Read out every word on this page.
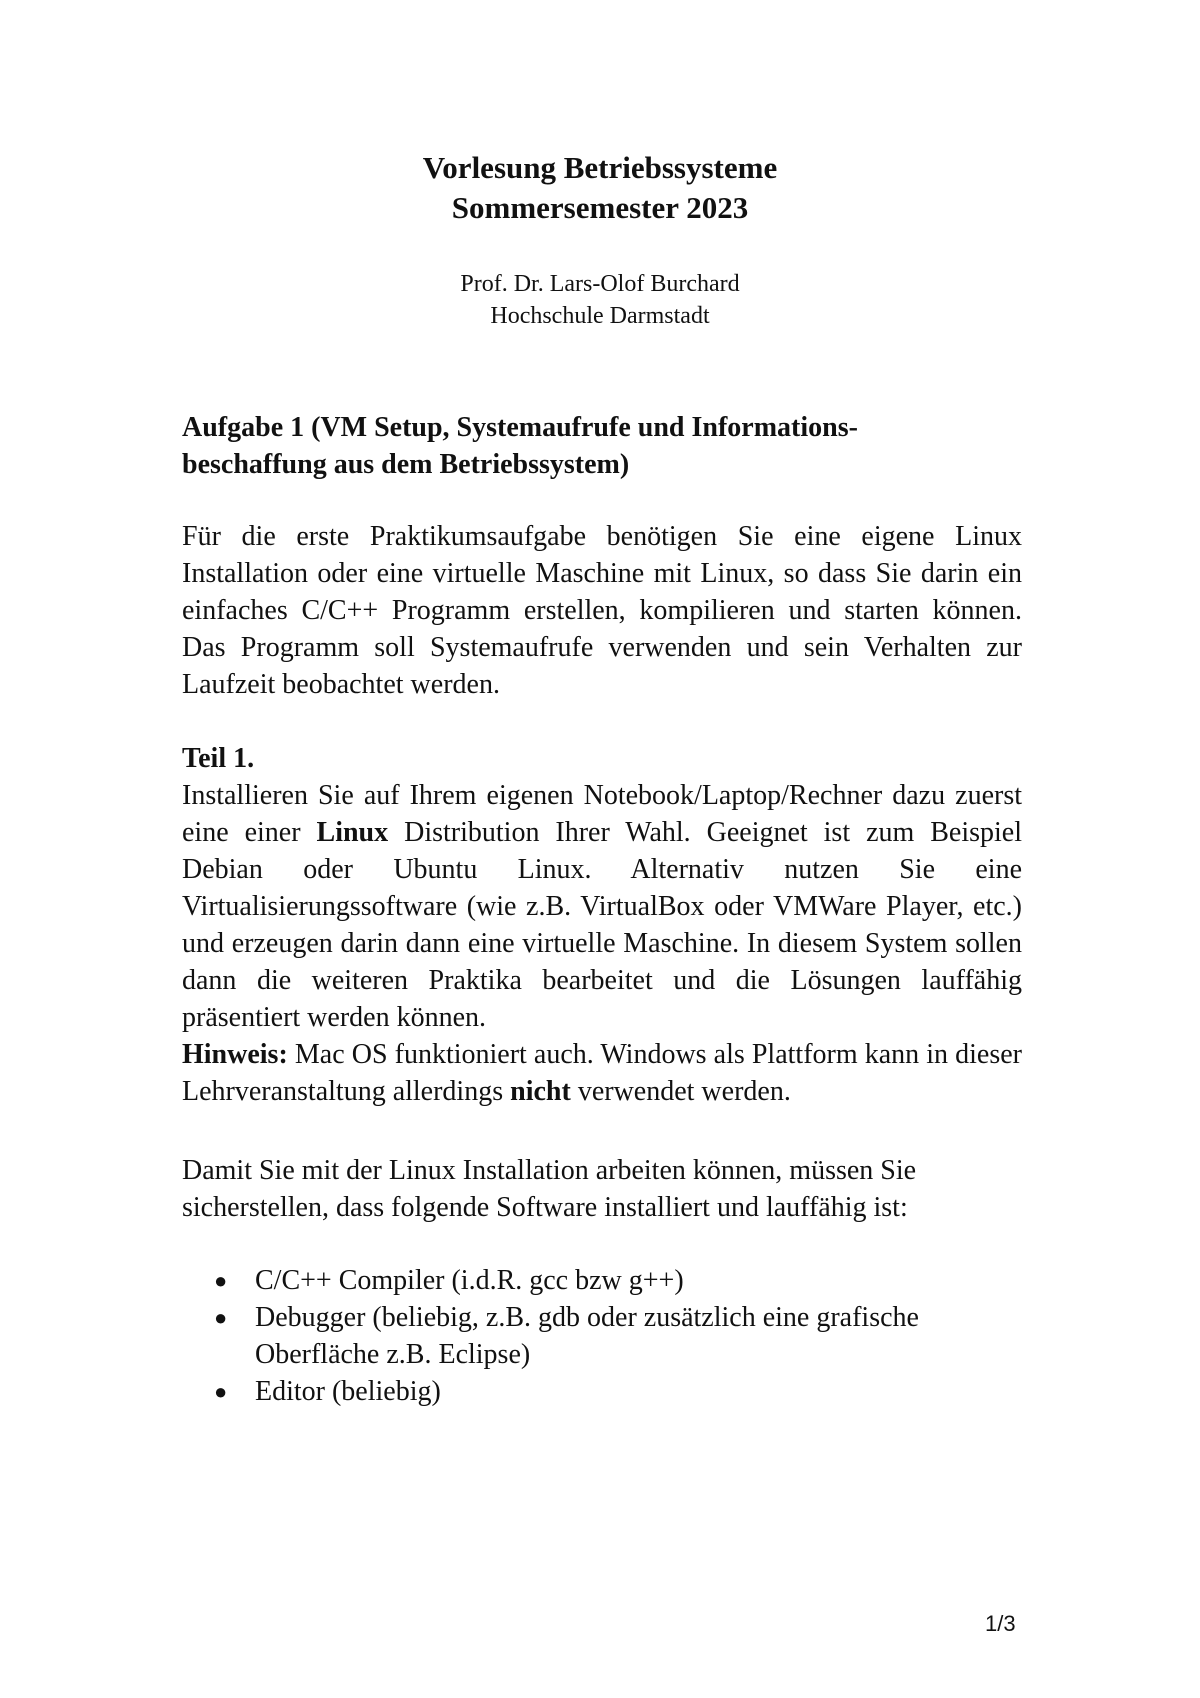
Vorlesung Betriebssysteme
Sommersemester 2023
Prof. Dr. Lars-Olof Burchard
Hochschule Darmstadt
Aufgabe 1 (VM Setup, Systemaufrufe und Informations-
beschaffung aus dem Betriebssystem)
Für die erste Praktikumsaufgabe benötigen Sie eine eigene Linux Installation oder eine virtuelle Maschine mit Linux, so dass Sie darin ein einfaches C/C++ Programm erstellen, kompilieren und starten können. Das Programm soll Systemaufrufe verwenden und sein Verhalten zur Laufzeit beobachtet werden.
Teil 1.
Installieren Sie auf Ihrem eigenen Notebook/Laptop/Rechner dazu zuerst eine einer Linux Distribution Ihrer Wahl. Geeignet ist zum Beispiel Debian oder Ubuntu Linux. Alternativ nutzen Sie eine Virtualisierungssoftware (wie z.B. VirtualBox oder VMWare Player, etc.) und erzeugen darin dann eine virtuelle Maschine. In diesem System sollen dann die weiteren Praktika bearbeitet und die Lösungen lauffähig präsentiert werden können.
Hinweis: Mac OS funktioniert auch. Windows als Plattform kann in dieser Lehrveranstaltung allerdings nicht verwendet werden.
Damit Sie mit der Linux Installation arbeiten können, müssen Sie sicherstellen, dass folgende Software installiert und lauffähig ist:
● C/C++ Compiler (i.d.R. gcc bzw g++)
● Debugger (beliebig, z.B. gdb oder zusätzlich eine grafische Oberfläche z.B. Eclipse)
● Editor (beliebig)
1/3
